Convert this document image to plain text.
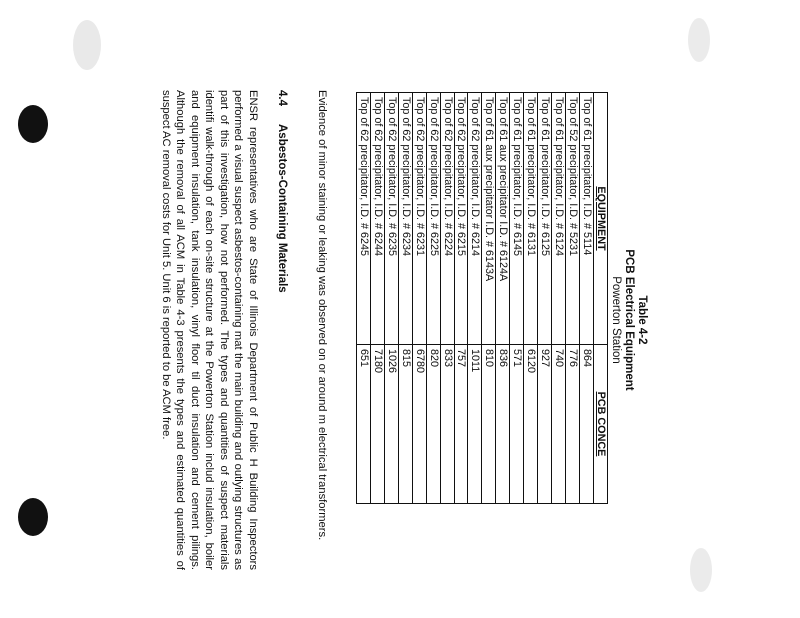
Table 4-2
PCB Electrical Equipment
Powerton Station
EQUIPMENT	PCB CONCE
Top of 61 precipitator, I.D. # 5114	864
Top of 52 precipitator, I.D. # 5231	776
Top of 61 precipitator, I.D. # 6124	740
Top of 61 precipitator, I.D. # 6125	927
Top of 61 precipitator, I.D. # 6131	6120
Top of 61 precipitator, I.D. # 6145	571
Top of 61 aux precipitator I.D. # 6124A	836
Top of 61 aux precipitator I.D. # 6143A	810
Top of 62 precipitator, I.D. # 6214	1011
Top of 62 precipitator, I.D. # 6215	757
Top of 62 precipitator, I.D. # 6224	833
Top of 62 precipitator, I.D. # 6225	820
Top of 62 precipitator, I.D. # 6231	6780
Top of 62 precipitator, I.D. # 6234	815
Top of 62 precipitator, I.D. # 6235	1026
Top of 62 precipitator, I.D. # 6244	7180
Top of 62 precipitator, I.D. # 6245	651
Evidence of minor staining or leaking was observed on or around m electrical transformers.
4.4Asbestos-Containing Materials
ENSR representatives who are State of Illinois Department of Public H Building Inspectors performed a visual suspect asbestos-containing mat the main building and outlying structures as part of this investigation, how not performed. The types and quantities of suspect materials identifi walk-through of each on-site structure at the Powerton Station includ insulation, boiler and equipment insulation, tank insulation, vinyl floor til duct insulation and cement pilings. Although the removal of all ACM in Table 4-3 presents the types and estimated quantities of suspect AC removal costs for Unit 5. Unit 6 is reported to be ACM free.
